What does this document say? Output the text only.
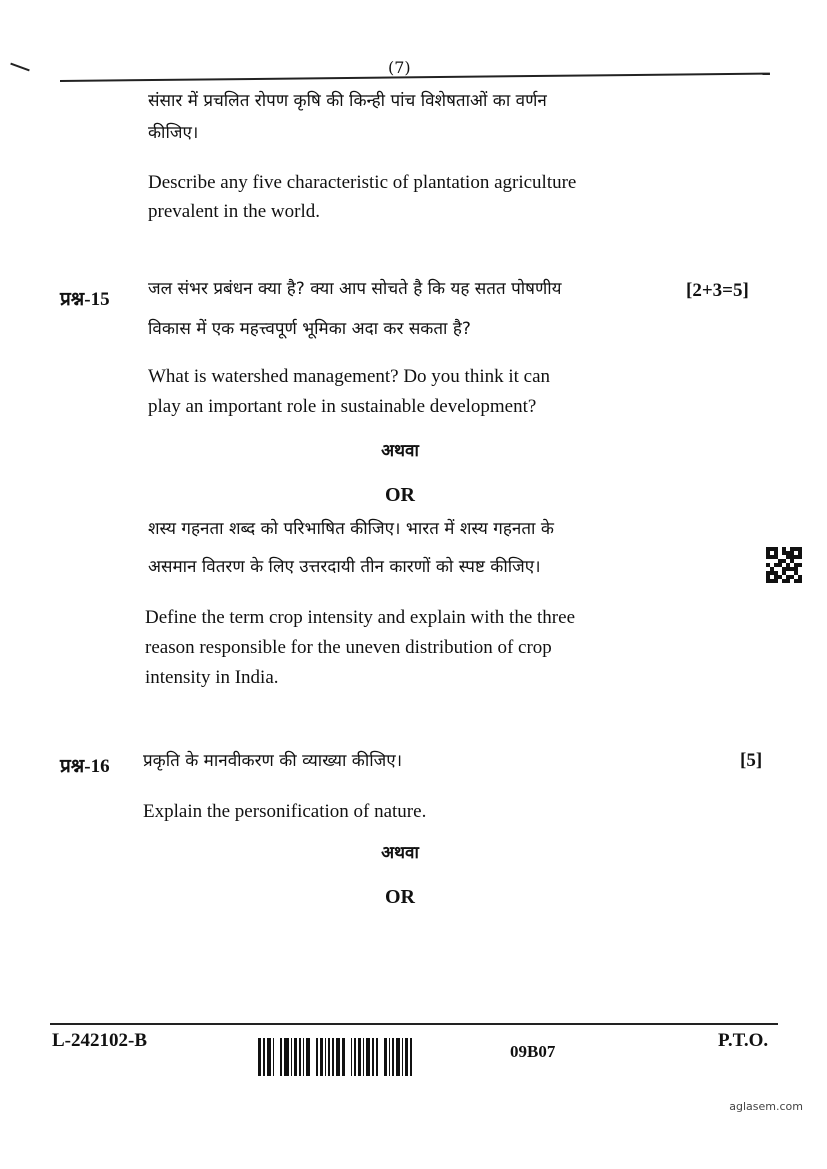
(7)
संसार में प्रचलित रोपण कृषि की किन्ही पांच विशेषताओं का वर्णन
कीजिए।
Describe any five characteristic of plantation agriculture
prevalent in the world.
प्रश्न-15 जल संभर प्रबंधन क्या है? क्या आप सोचते है कि यह सतत पोषणीय	[2+3=5]
विकास में एक महत्त्वपूर्ण भूमिका अदा कर सकता है?
What is watershed management? Do you think it can
play an important role in sustainable development?
अथवा
OR
शस्य गहनता शब्द को परिभाषित कीजिए। भारत में शस्य गहनता के
असमान वितरण के लिए उत्तरदायी तीन कारणों को स्पष्ट कीजिए।
Define the term crop intensity and explain with the three
reason responsible for the uneven distribution of crop
intensity in India.
प्रश्न-16 प्रकृति के मानवीकरण की व्याख्या कीजिए।	[5]
Explain the personification of nature.
अथवा
OR
L-242102-B
09B07
P.T.O.
aglasem.com
